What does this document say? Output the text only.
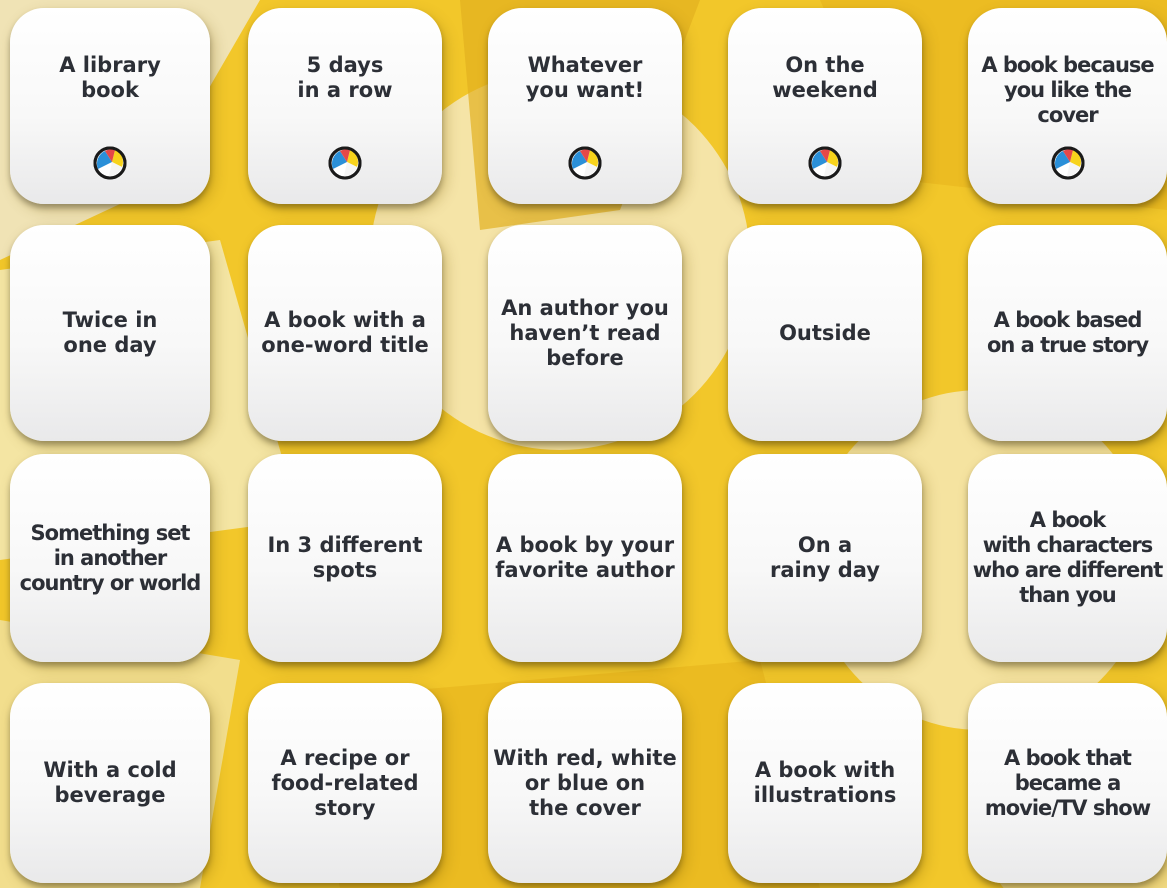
A library
book
5 days
in a row
Whatever
you want!
On the
weekend
A book because
you like the cover
Twice in
one day
A book with a
one-word title
An author you
haven’t read
before
Outside
A book based
on a true story
Something set
in another
country or world
In 3 different
spots
A book by your
favorite author
On a
rainy day
A book
with characters
who are different
than you
With a cold
beverage
A recipe or
food-related
story
With red, white
or blue on
the cover
A book with
illustrations
A book that
became a
movie/TV show
